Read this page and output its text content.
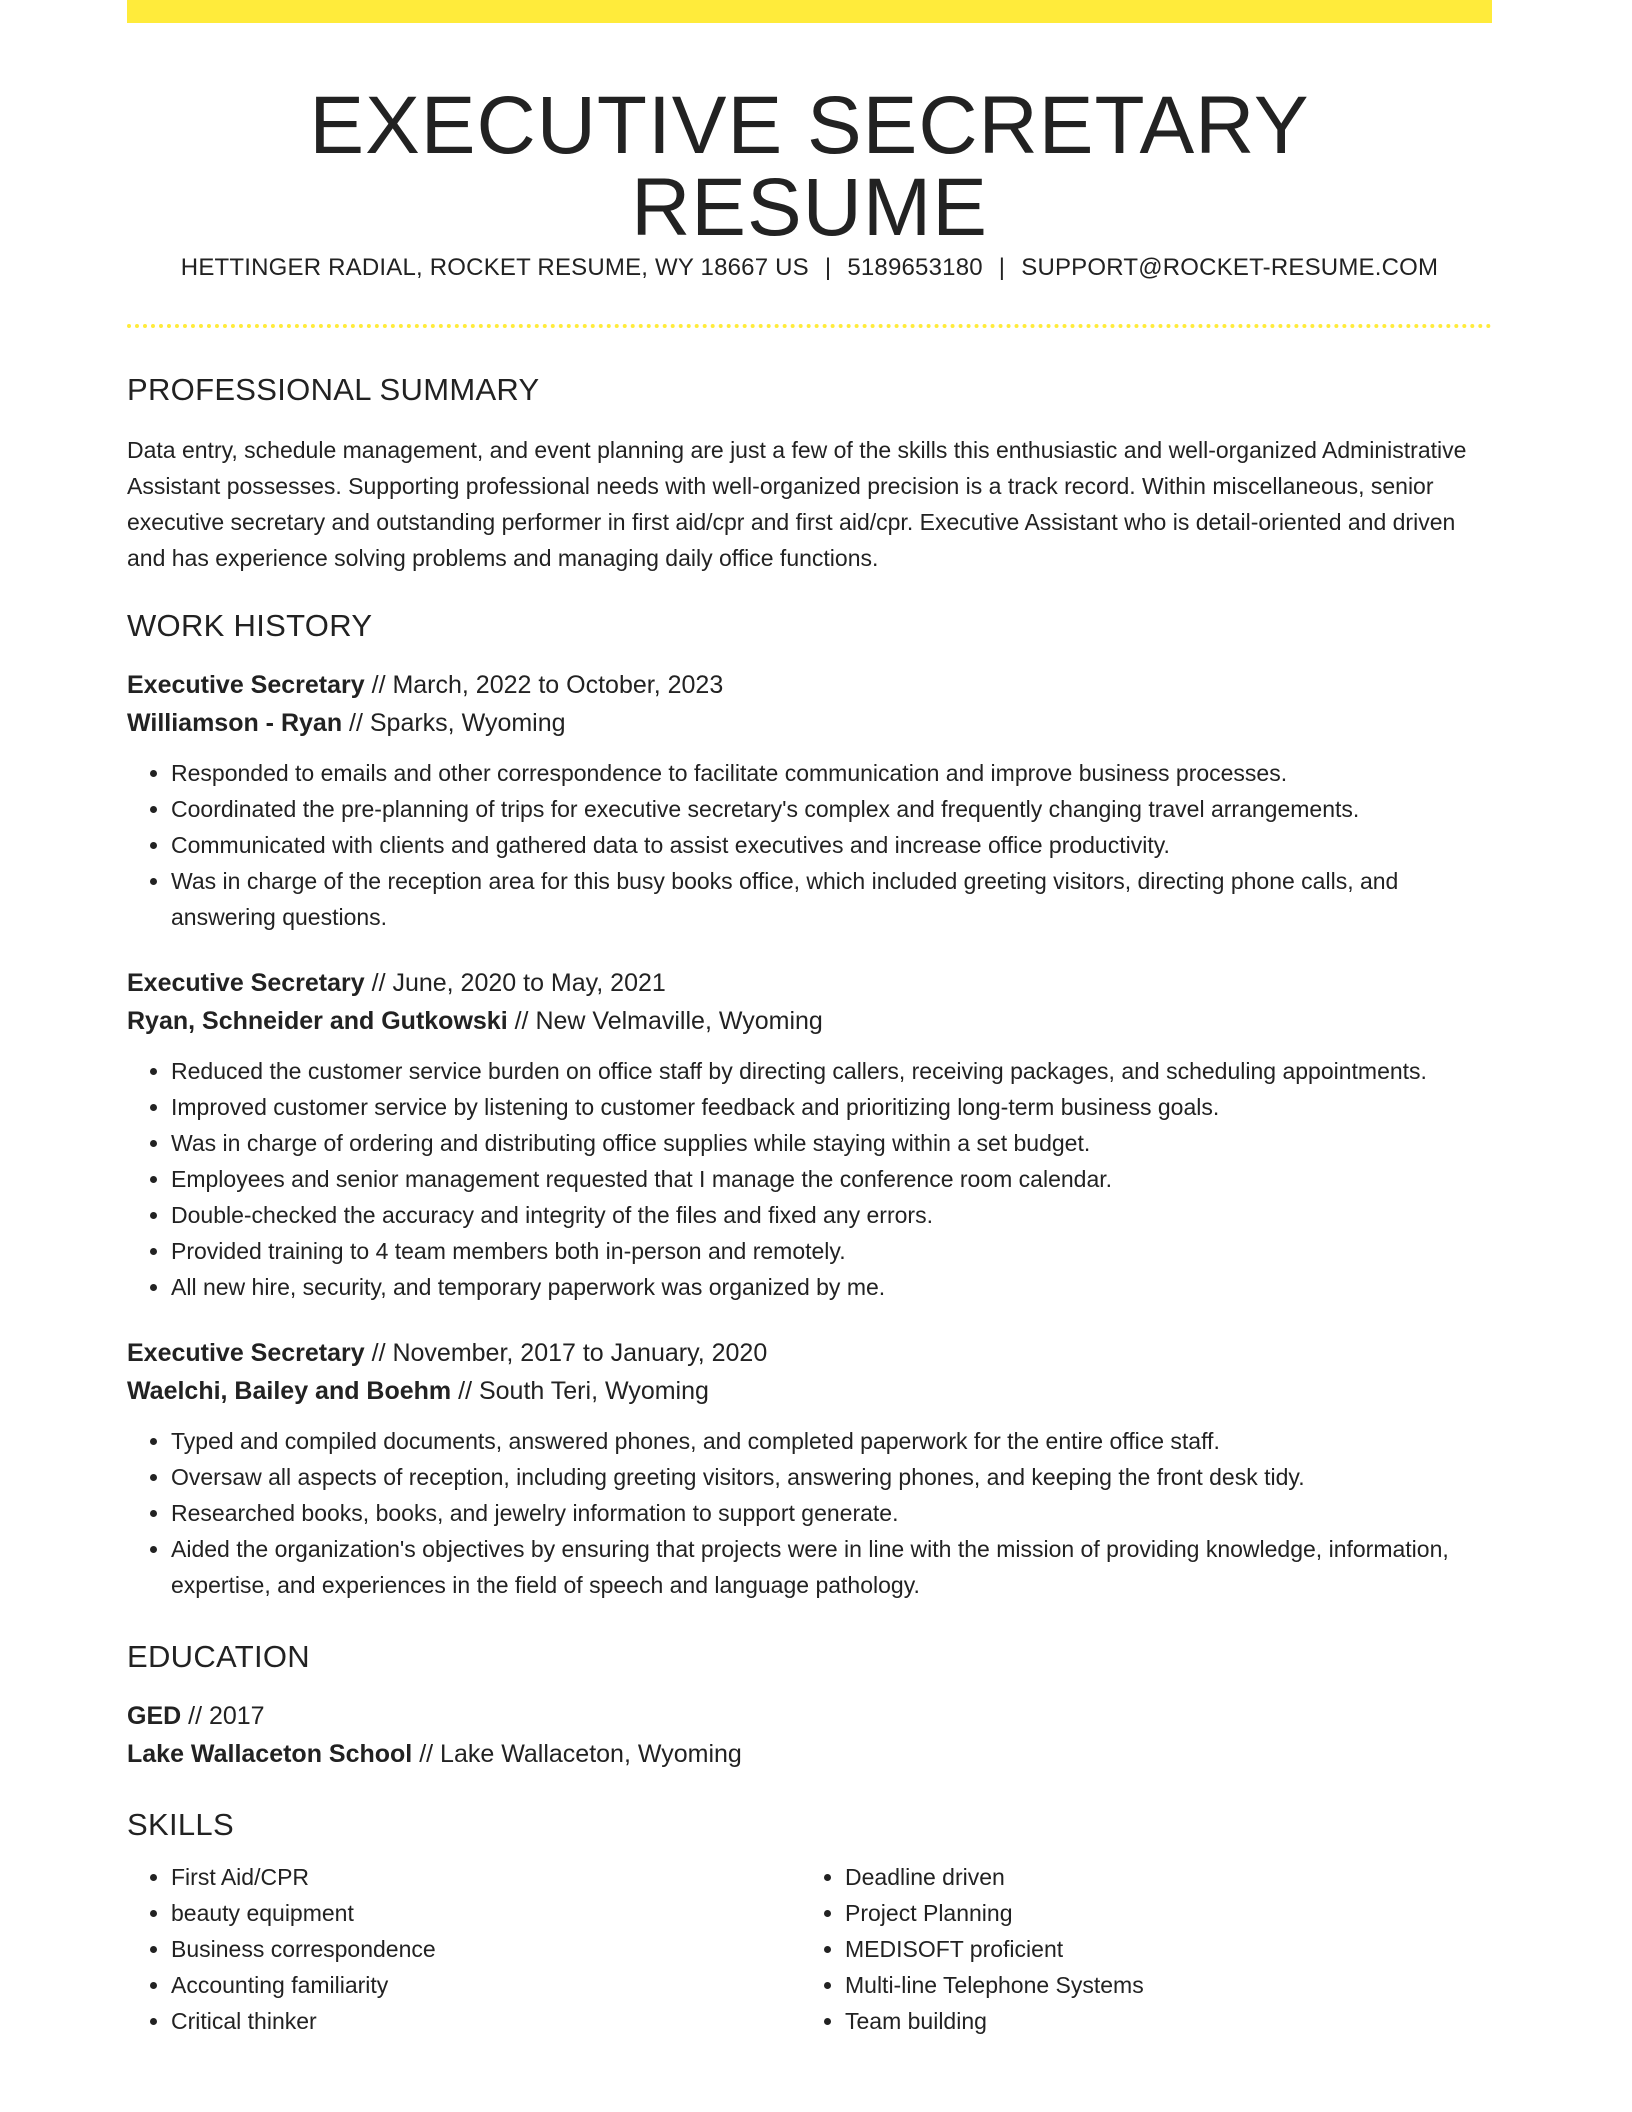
EXECUTIVE SECRETARY RESUME
HETTINGER RADIAL, ROCKET RESUME, WY 18667 US | 5189653180 | SUPPORT@ROCKET-RESUME.COM
PROFESSIONAL SUMMARY
Data entry, schedule management, and event planning are just a few of the skills this enthusiastic and well-organized Administrative Assistant possesses. Supporting professional needs with well-organized precision is a track record. Within miscellaneous, senior executive secretary and outstanding performer in first aid/cpr and first aid/cpr. Executive Assistant who is detail-oriented and driven and has experience solving problems and managing daily office functions.
WORK HISTORY
Executive Secretary // March, 2022 to October, 2023
Williamson - Ryan // Sparks, Wyoming
• Responded to emails and other correspondence to facilitate communication and improve business processes.
• Coordinated the pre-planning of trips for executive secretary's complex and frequently changing travel arrangements.
• Communicated with clients and gathered data to assist executives and increase office productivity.
• Was in charge of the reception area for this busy books office, which included greeting visitors, directing phone calls, and answering questions.
Executive Secretary // June, 2020 to May, 2021
Ryan, Schneider and Gutkowski // New Velmaville, Wyoming
• Reduced the customer service burden on office staff by directing callers, receiving packages, and scheduling appointments.
• Improved customer service by listening to customer feedback and prioritizing long-term business goals.
• Was in charge of ordering and distributing office supplies while staying within a set budget.
• Employees and senior management requested that I manage the conference room calendar.
• Double-checked the accuracy and integrity of the files and fixed any errors.
• Provided training to 4 team members both in-person and remotely.
• All new hire, security, and temporary paperwork was organized by me.
Executive Secretary // November, 2017 to January, 2020
Waelchi, Bailey and Boehm // South Teri, Wyoming
• Typed and compiled documents, answered phones, and completed paperwork for the entire office staff.
• Oversaw all aspects of reception, including greeting visitors, answering phones, and keeping the front desk tidy.
• Researched books, books, and jewelry information to support generate.
• Aided the organization's objectives by ensuring that projects were in line with the mission of providing knowledge, information, expertise, and experiences in the field of speech and language pathology.
EDUCATION
GED // 2017
Lake Wallaceton School // Lake Wallaceton, Wyoming
SKILLS
• First Aid/CPR
• beauty equipment
• Business correspondence
• Accounting familiarity
• Critical thinker
• Deadline driven
• Project Planning
• MEDISOFT proficient
• Multi-line Telephone Systems
• Team building
